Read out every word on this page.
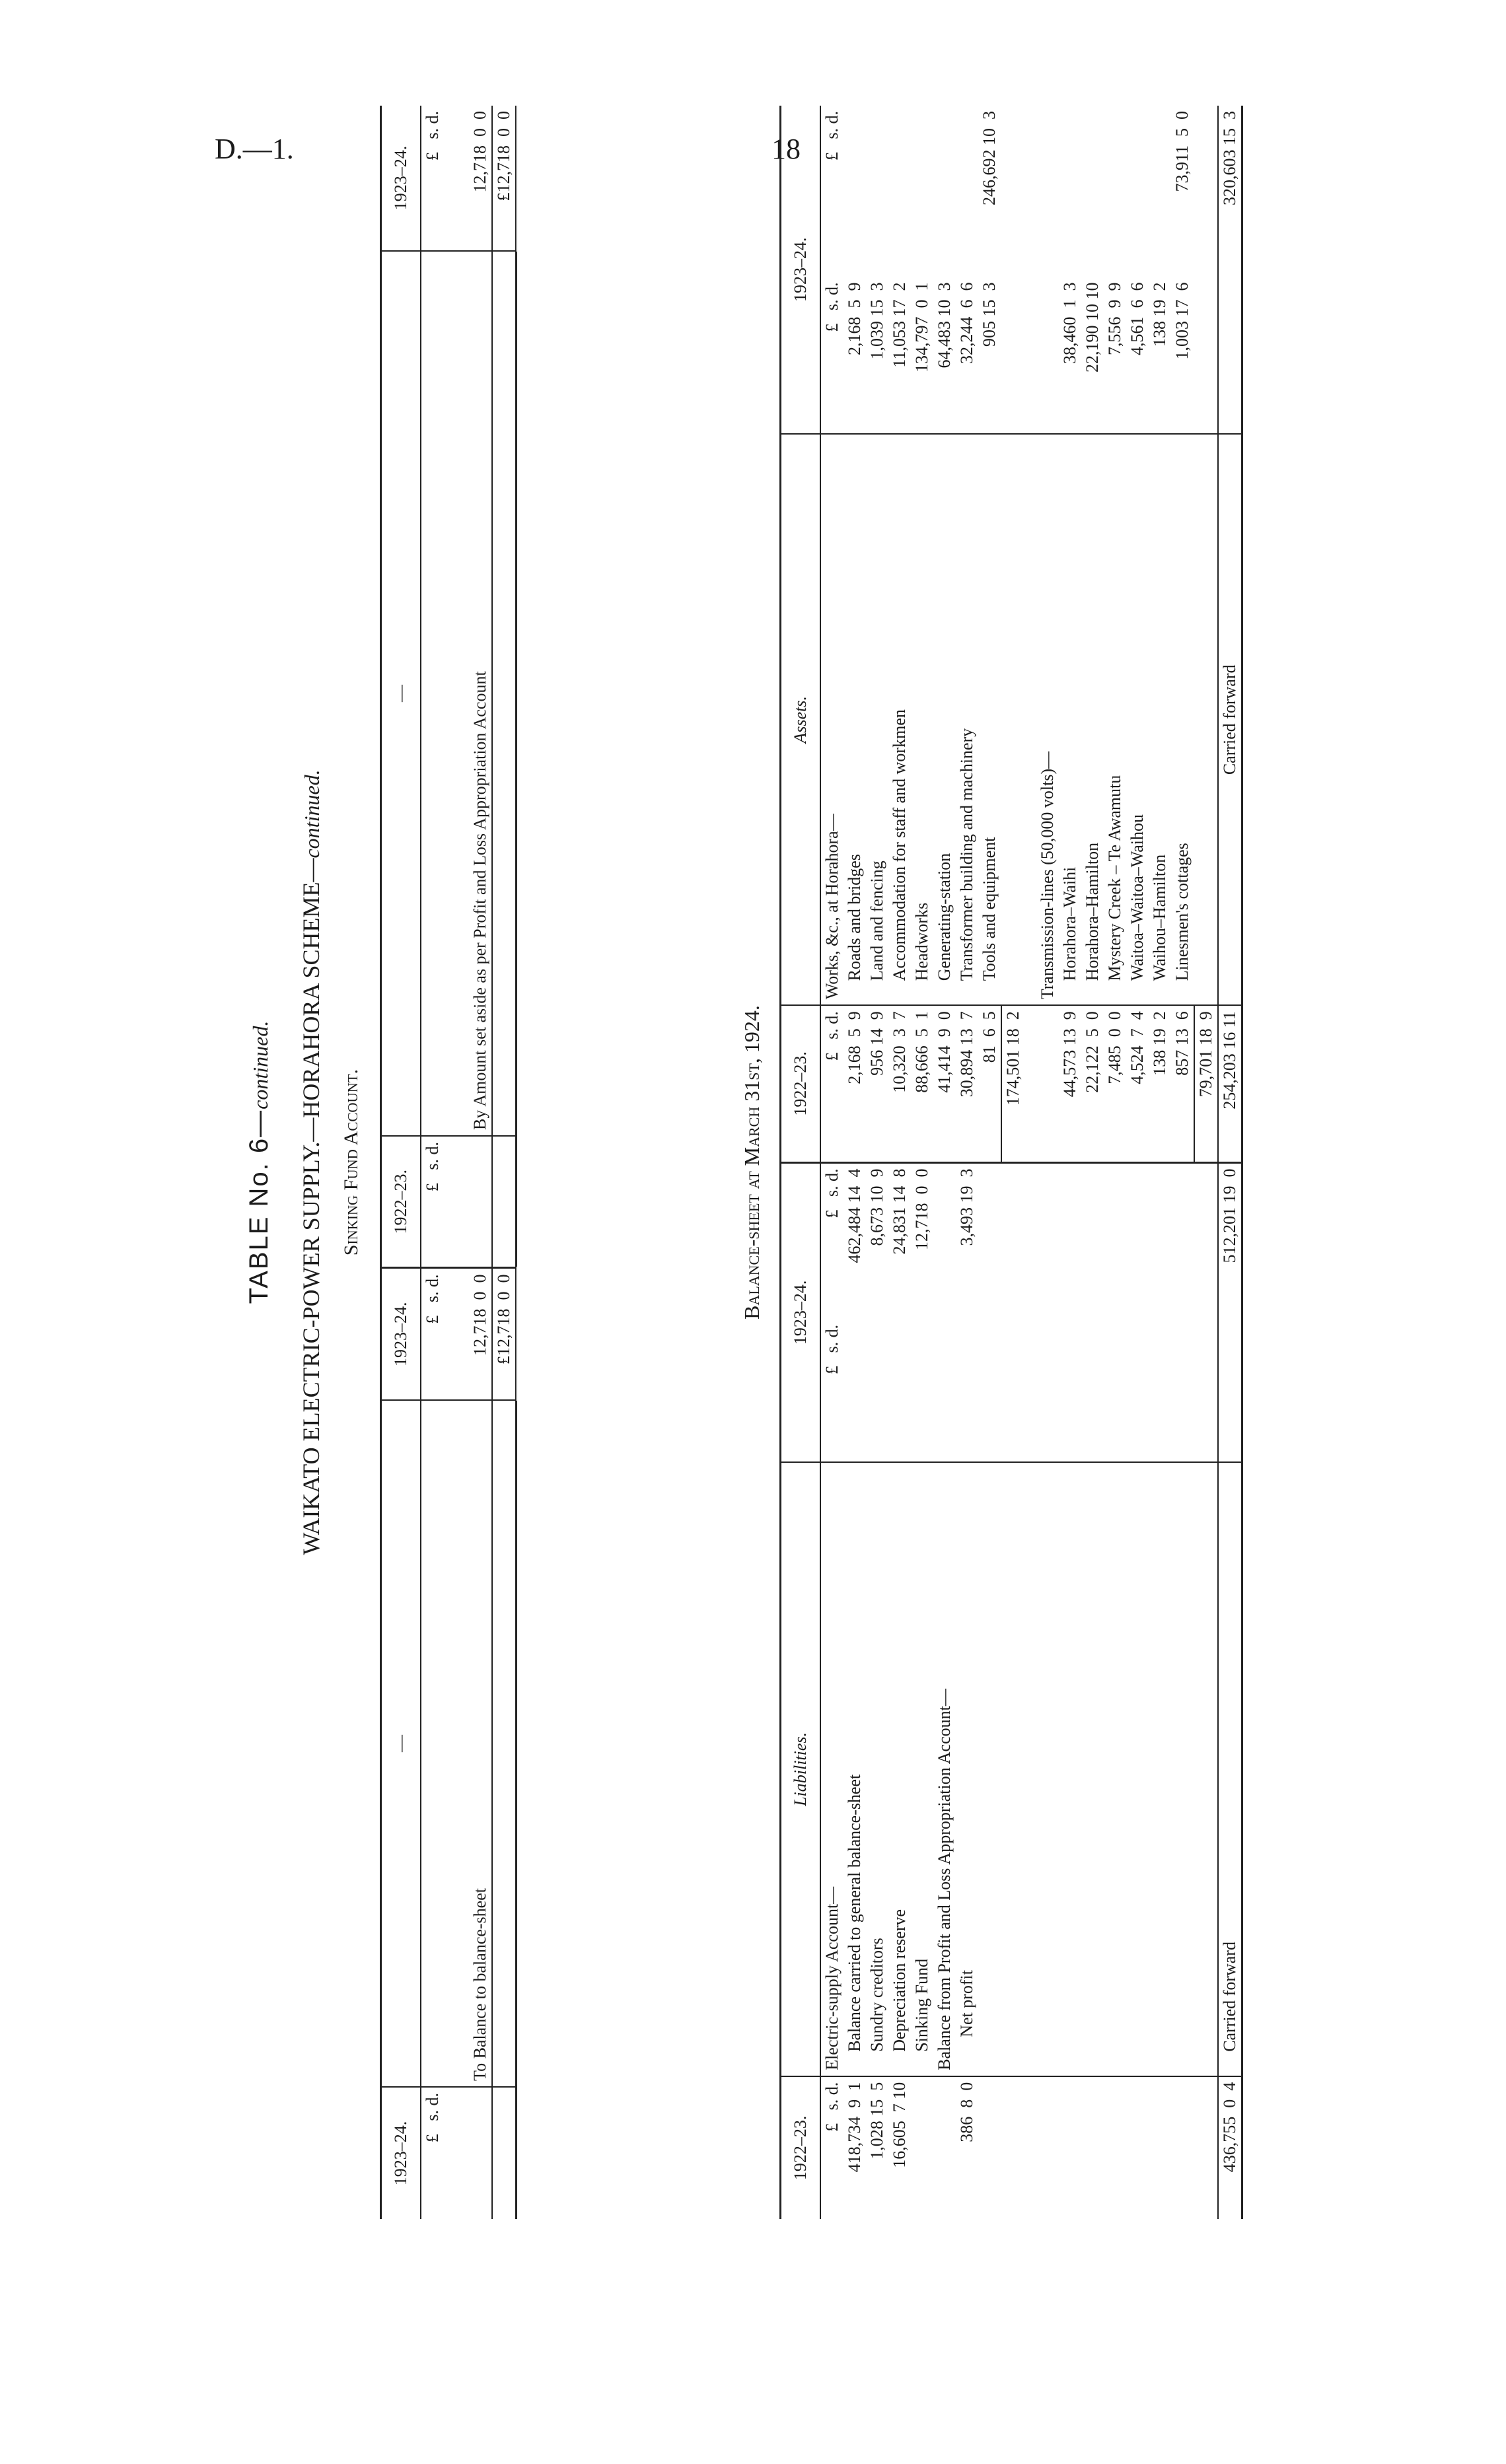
D.—1.	18
TABLE No. 6—continued. WAIKATO ELECTRIC-POWER SUPPLY.—HORAHORA SCHEME—continued.
Sinking Fund Account.
1923–24.	—	1923–24.	1922–23.	—	1923–24.
£   s. d.		£   s. d.	£   s. d.		£   s. d.
	To Balance to balance-sheet	12,718  0  0		By Amount set aside as per Profit and Loss Appropriation Account	12,718  0  0
		£12,718  0  0			£12,718  0  0
Balance-sheet at March 31st, 1924.
1922–23.	Liabilities.	1923–24.		1922–23.	Assets.	1923–24.	
£   s. d.	Electric-supply Account—	£   s. d.	£   s. d.	£   s. d.	Works, &c., at Horahora—	£   s. d.	£   s. d.
418,734  9  1	Balance carried to general balance-sheet		462,484 14  4	2,168  5  9	Roads and bridges	2,168  5  9	
1,028 15  5	Sundry creditors		8,673 10  9	956 14  9	Land and fencing	1,039 15  3	
16,605  7 10	Depreciation reserve		24,831 14  8	10,320  3  7	Accommodation for staff and workmen	11,053 17  2	
	Sinking Fund		12,718  0  0	88,666  5  1	Headworks	134,797  0  1	
	Balance from Profit and Loss Appropriation Account—			41,414  9  0	Generating-station	64,483 10  3	
386  8  0	Net profit		3,493 19  3	30,894 13  7	Transformer building and machinery	32,244  6  6	
				81  6  5	Tools and equipment	905 15  3	246,692 10  3
				174,501 18  2			
					Transmission-lines (50,000 volts)—		
				44,573 13  9	Horahora–Waihi	38,460  1  3	
				22,122  5  0	Horahora–Hamilton	22,190 10 10	
				7,485  0  0	Mystery Creek – Te Awamutu	7,556  9  9	
				4,524  7  4	Waitoa–Waitoa–Waihou	4,561  6  6	
				138 19  2	Waihou–Hamilton	138 19  2	
				857 13  6	Linesmen's cottages	1,003 17  6	73,911  5  0
				79,701 18  9			
436,755  0  4	Carried forward		512,201 19  0	254,203 16 11	Carried forward		320,603 15  3
